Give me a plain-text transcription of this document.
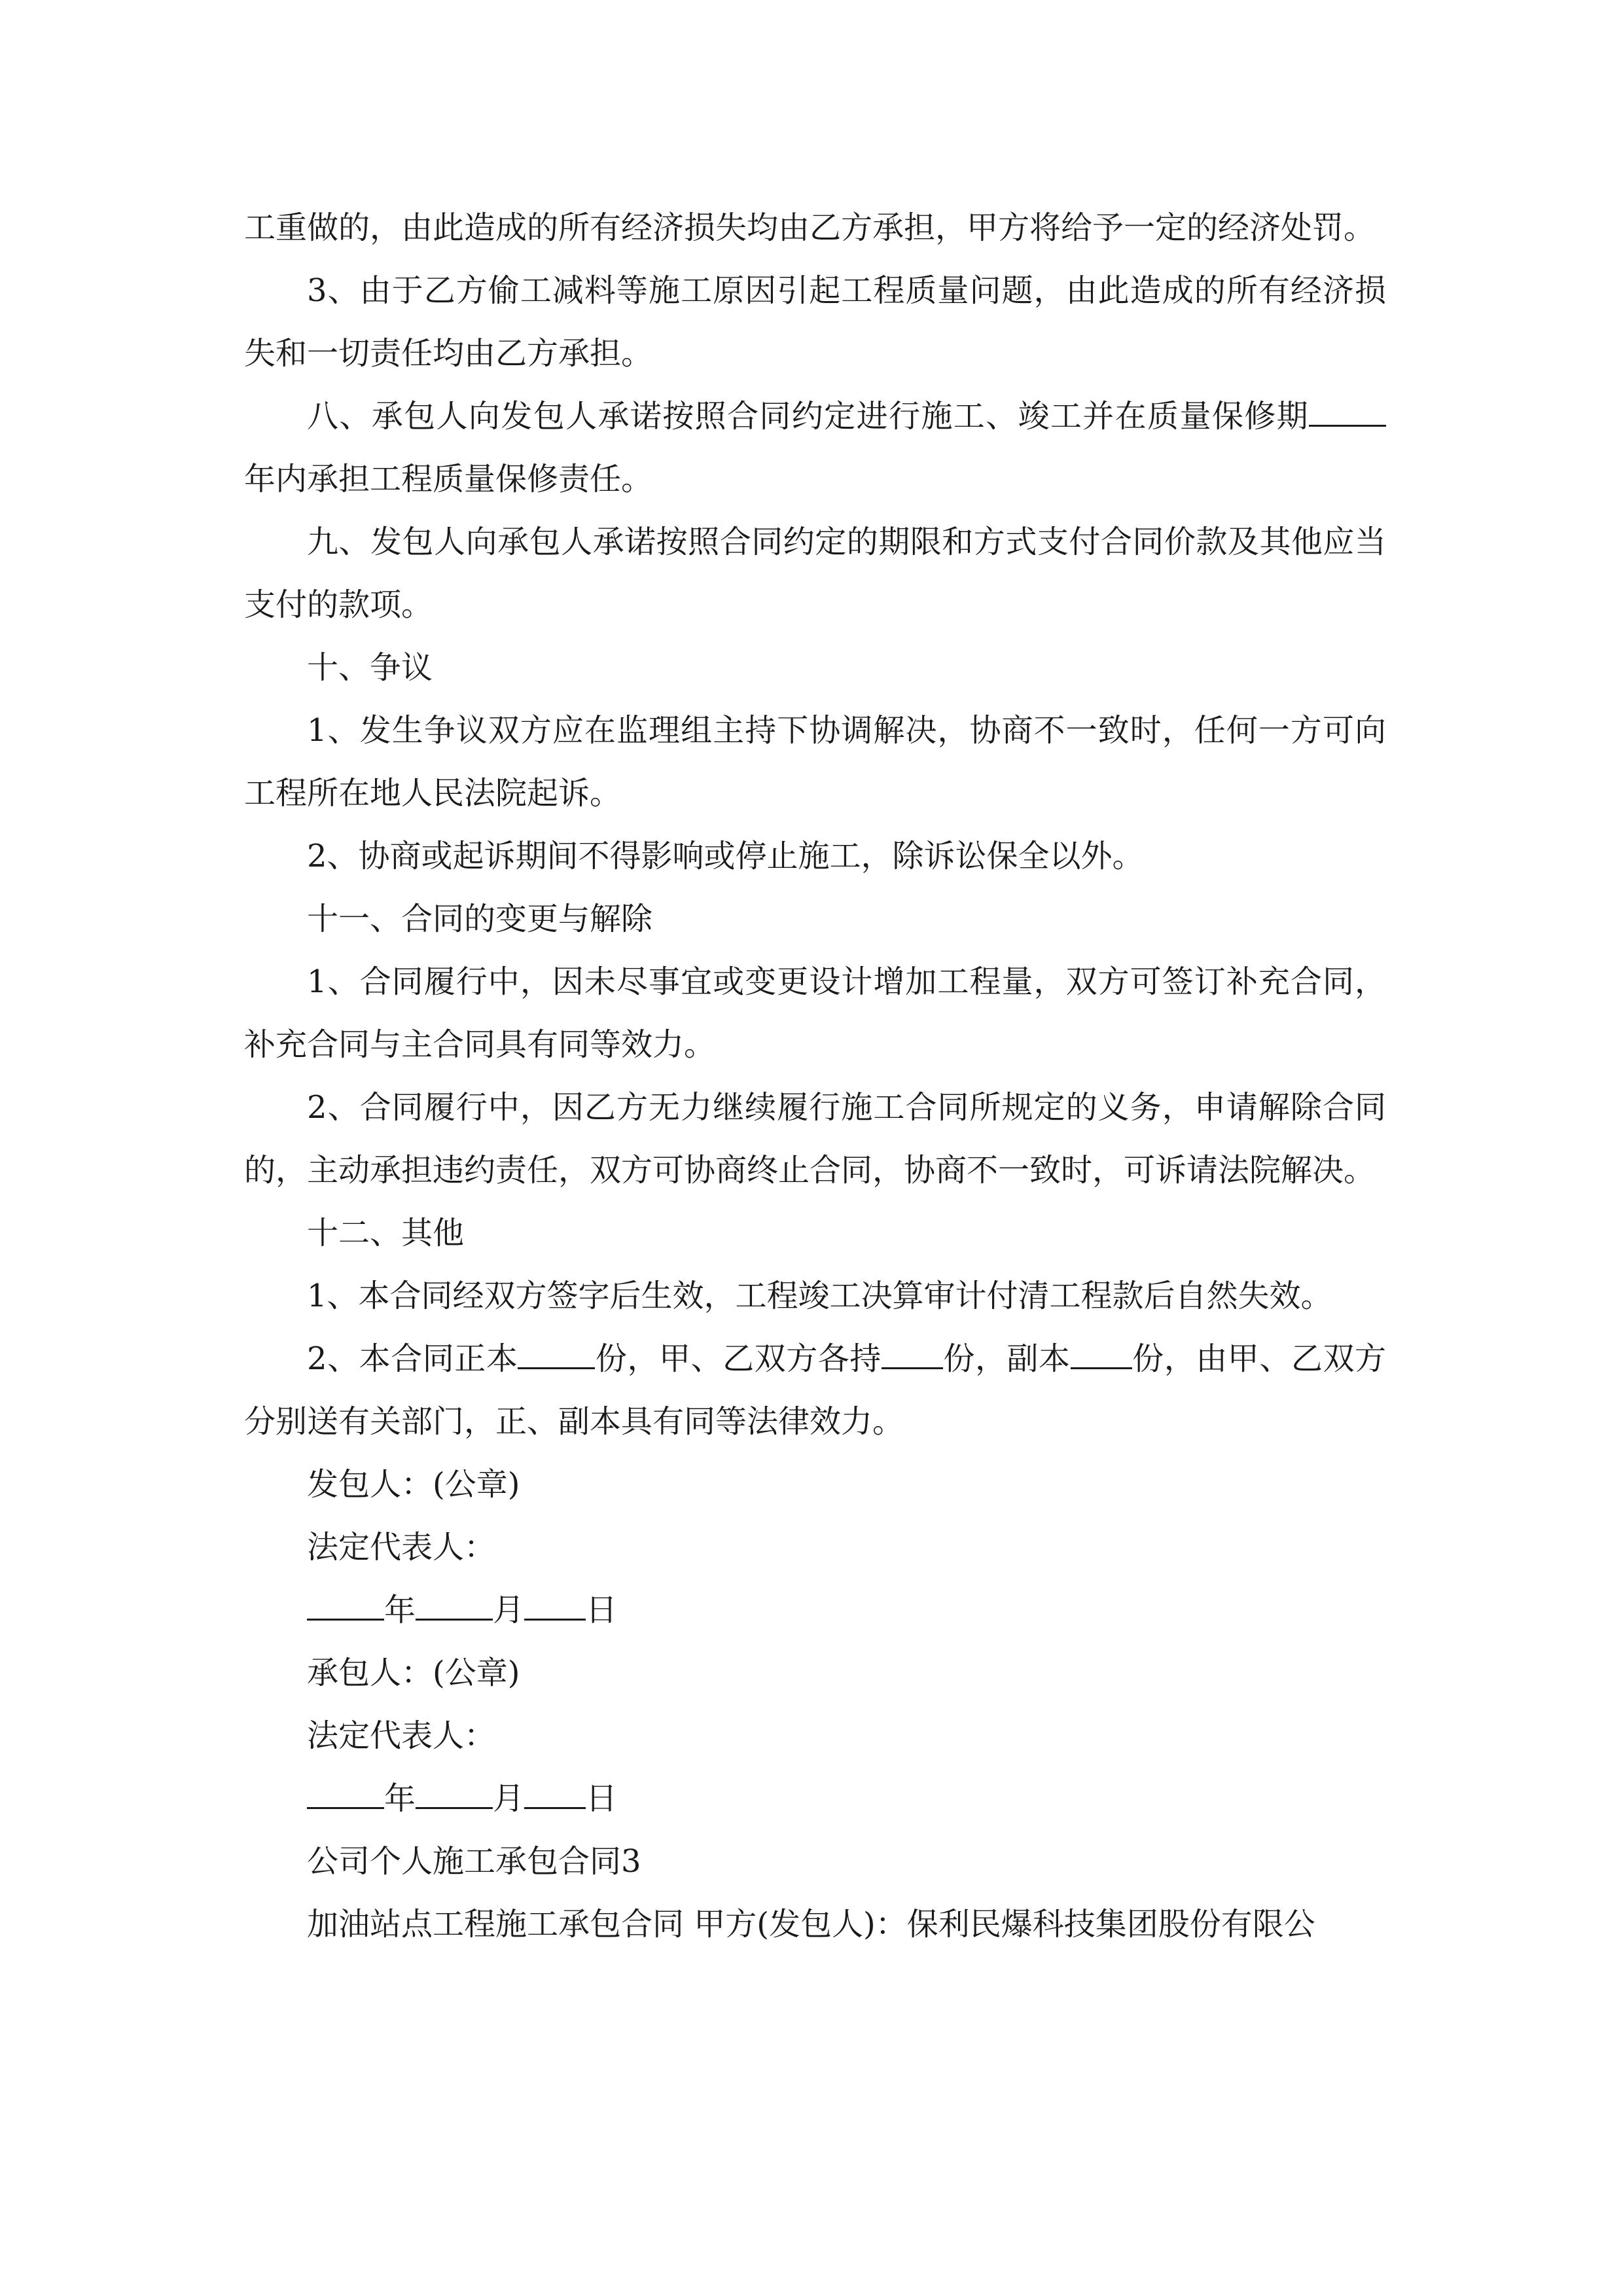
工重做的，由此造成的所有经济损失均由乙方承担，甲方将给予一定的经济处罚。

3、由于乙方偷工减料等施工原因引起工程质量问题，由此造成的所有经济损失和一切责任均由乙方承担。

八、承包人向发包人承诺按照合同约定进行施工、竣工并在质量保修期年内承担工程质量保修责任。

九、发包人向承包人承诺按照合同约定的期限和方式支付合同价款及其他应当支付的款项。

十、争议

1、发生争议双方应在监理组主持下协调解决，协商不一致时，任何一方可向工程所在地人民法院起诉。

2、协商或起诉期间不得影响或停止施工，除诉讼保全以外。

十一、合同的变更与解除

1、合同履行中，因未尽事宜或变更设计增加工程量，双方可签订补充合同，补充合同与主合同具有同等效力。

2、合同履行中，因乙方无力继续履行施工合同所规定的义务，申请解除合同的，主动承担违约责任，双方可协商终止合同，协商不一致时，可诉请法院解决。

十二、其他

1、本合同经双方签字后生效，工程竣工决算审计付清工程款后自然失效。

2、本合同正本 份，甲、乙双方各持 份，副本 份，由甲、乙双方分别送有关部门，正、副本具有同等法律效力。

发包人：(公章)

法定代表人：

年 月 日

承包人：(公章)

法定代表人：

年 月 日

公司个人施工承包合同3

加油站点工程施工承包合同 甲方(发包人)：保利民爆科技集团股份有限公
